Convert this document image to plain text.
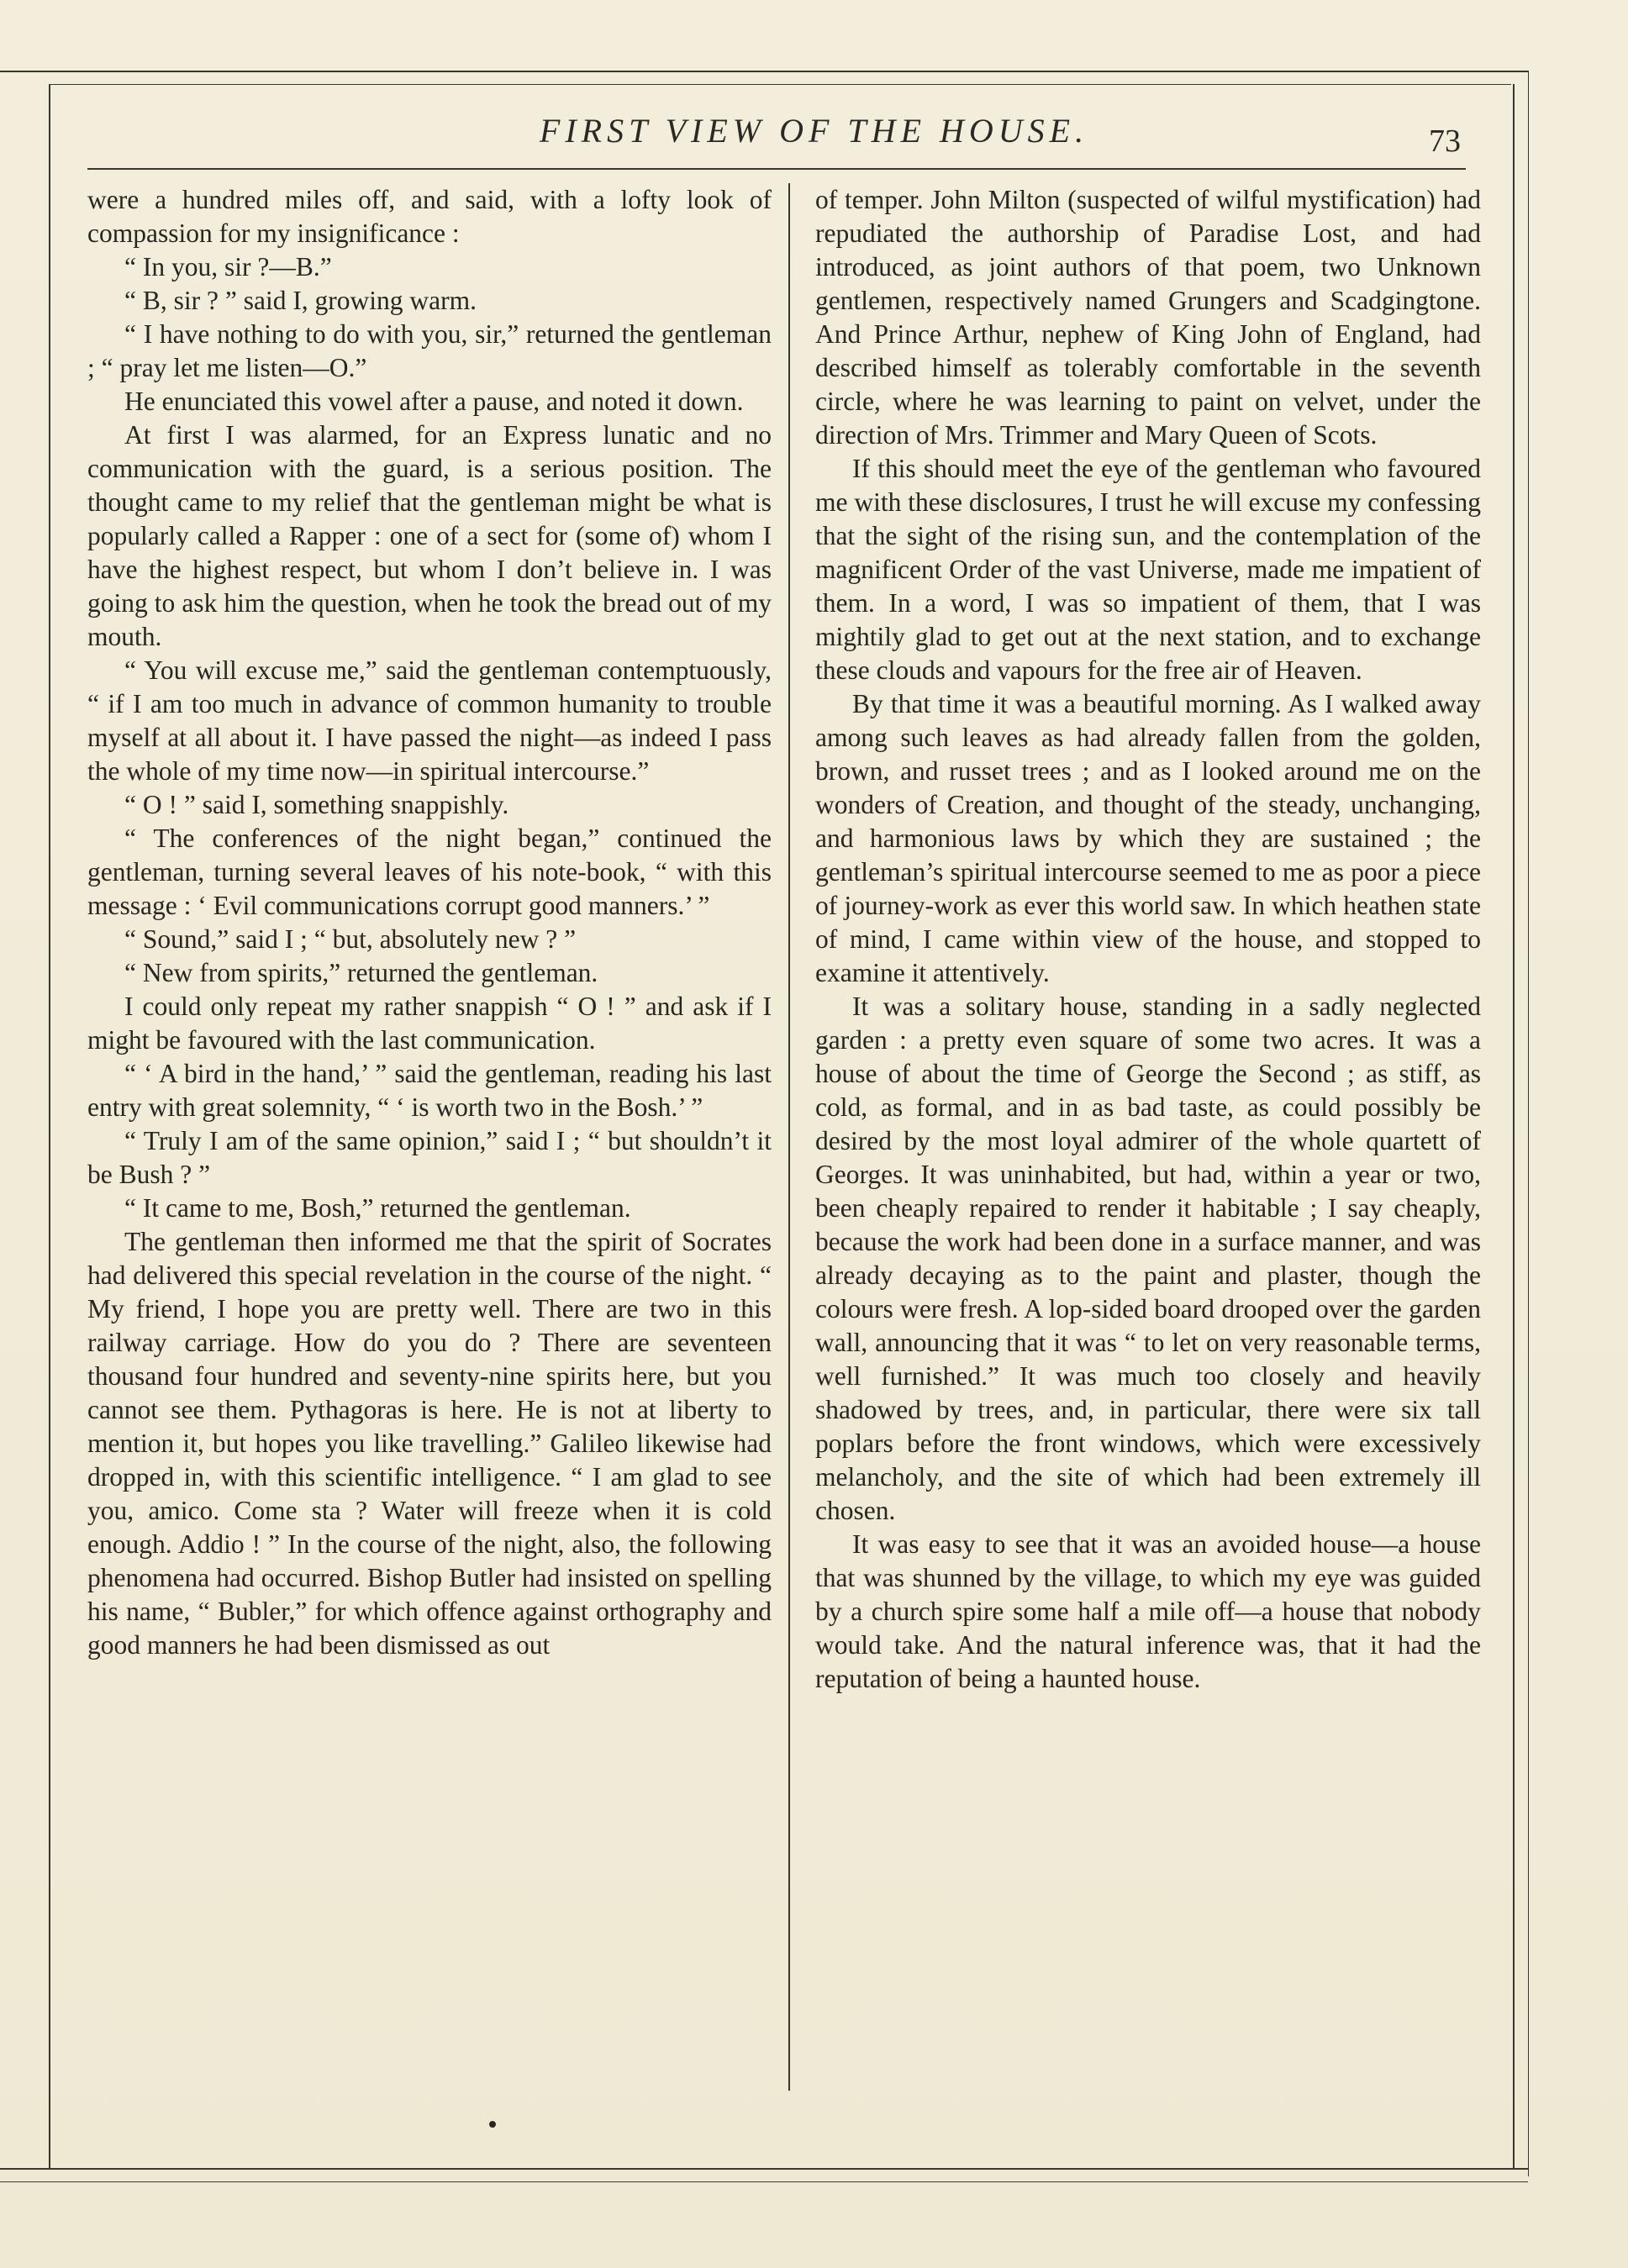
FIRST VIEW OF THE HOUSE.	73

were a hundred miles off, and said, with a lofty look of compassion for my insignificance :

“ In you, sir ?—B.”

“ B, sir ? ” said I, growing warm.

“ I have nothing to do with you, sir,” returned the gentleman ; “ pray let me listen—O.”

He enunciated this vowel after a pause, and noted it down.

At first I was alarmed, for an Express lunatic and no communication with the guard, is a serious position. The thought came to my relief that the gentleman might be what is popularly called a Rapper : one of a sect for (some of) whom I have the highest respect, but whom I don’t believe in. I was going to ask him the question, when he took the bread out of my mouth.

“ You will excuse me,” said the gentleman contemptuously, “ if I am too much in advance of common humanity to trouble myself at all about it. I have passed the night—as indeed I pass the whole of my time now—in spiritual intercourse.”

“ O ! ” said I, something snappishly.

“ The conferences of the night began,” continued the gentleman, turning several leaves of his note-book, “ with this message : ‘ Evil communications corrupt good manners.’ ”

“ Sound,” said I ; “ but, absolutely new ? ”

“ New from spirits,” returned the gentleman.

I could only repeat my rather snappish “ O ! ” and ask if I might be favoured with the last communication.

“ ‘ A bird in the hand,’ ” said the gentleman, reading his last entry with great solemnity, “ ‘ is worth two in the Bosh.’ ”

“ Truly I am of the same opinion,” said I ; “ but shouldn’t it be Bush ? ”

“ It came to me, Bosh,” returned the gentleman.

The gentleman then informed me that the spirit of Socrates had delivered this special revelation in the course of the night. “ My friend, I hope you are pretty well. There are two in this railway carriage. How do you do ? There are seventeen thousand four hundred and seventy-nine spirits here, but you cannot see them. Pythagoras is here. He is not at liberty to mention it, but hopes you like travelling.” Galileo likewise had dropped in, with this scientific intelligence. “ I am glad to see you, amico. Come sta ? Water will freeze when it is cold enough. Addio ! ” In the course of the night, also, the following phenomena had occurred. Bishop Butler had insisted on spelling his name, “ Bubler,” for which offence against orthography and good manners he had been dismissed as out

of temper. John Milton (suspected of wilful mystification) had repudiated the authorship of Paradise Lost, and had introduced, as joint authors of that poem, two Unknown gentlemen, respectively named Grungers and Scadgingtone. And Prince Arthur, nephew of King John of England, had described himself as tolerably comfortable in the seventh circle, where he was learning to paint on velvet, under the direction of Mrs. Trimmer and Mary Queen of Scots.

If this should meet the eye of the gentleman who favoured me with these disclosures, I trust he will excuse my confessing that the sight of the rising sun, and the contemplation of the magnificent Order of the vast Universe, made me impatient of them. In a word, I was so impatient of them, that I was mightily glad to get out at the next station, and to exchange these clouds and vapours for the free air of Heaven.

By that time it was a beautiful morning. As I walked away among such leaves as had already fallen from the golden, brown, and russet trees ; and as I looked around me on the wonders of Creation, and thought of the steady, unchanging, and harmonious laws by which they are sustained ; the gentleman’s spiritual intercourse seemed to me as poor a piece of journey-work as ever this world saw. In which heathen state of mind, I came within view of the house, and stopped to examine it attentively.

It was a solitary house, standing in a sadly neglected garden : a pretty even square of some two acres. It was a house of about the time of George the Second ; as stiff, as cold, as formal, and in as bad taste, as could possibly be desired by the most loyal admirer of the whole quartett of Georges. It was uninhabited, but had, within a year or two, been cheaply repaired to render it habitable ; I say cheaply, because the work had been done in a surface manner, and was already decaying as to the paint and plaster, though the colours were fresh. A lop-sided board drooped over the garden wall, announcing that it was “ to let on very reasonable terms, well furnished.” It was much too closely and heavily shadowed by trees, and, in particular, there were six tall poplars before the front windows, which were excessively melancholy, and the site of which had been extremely ill chosen.

It was easy to see that it was an avoided house—a house that was shunned by the village, to which my eye was guided by a church spire some half a mile off—a house that nobody would take. And the natural inference was, that it had the reputation of being a haunted house.
